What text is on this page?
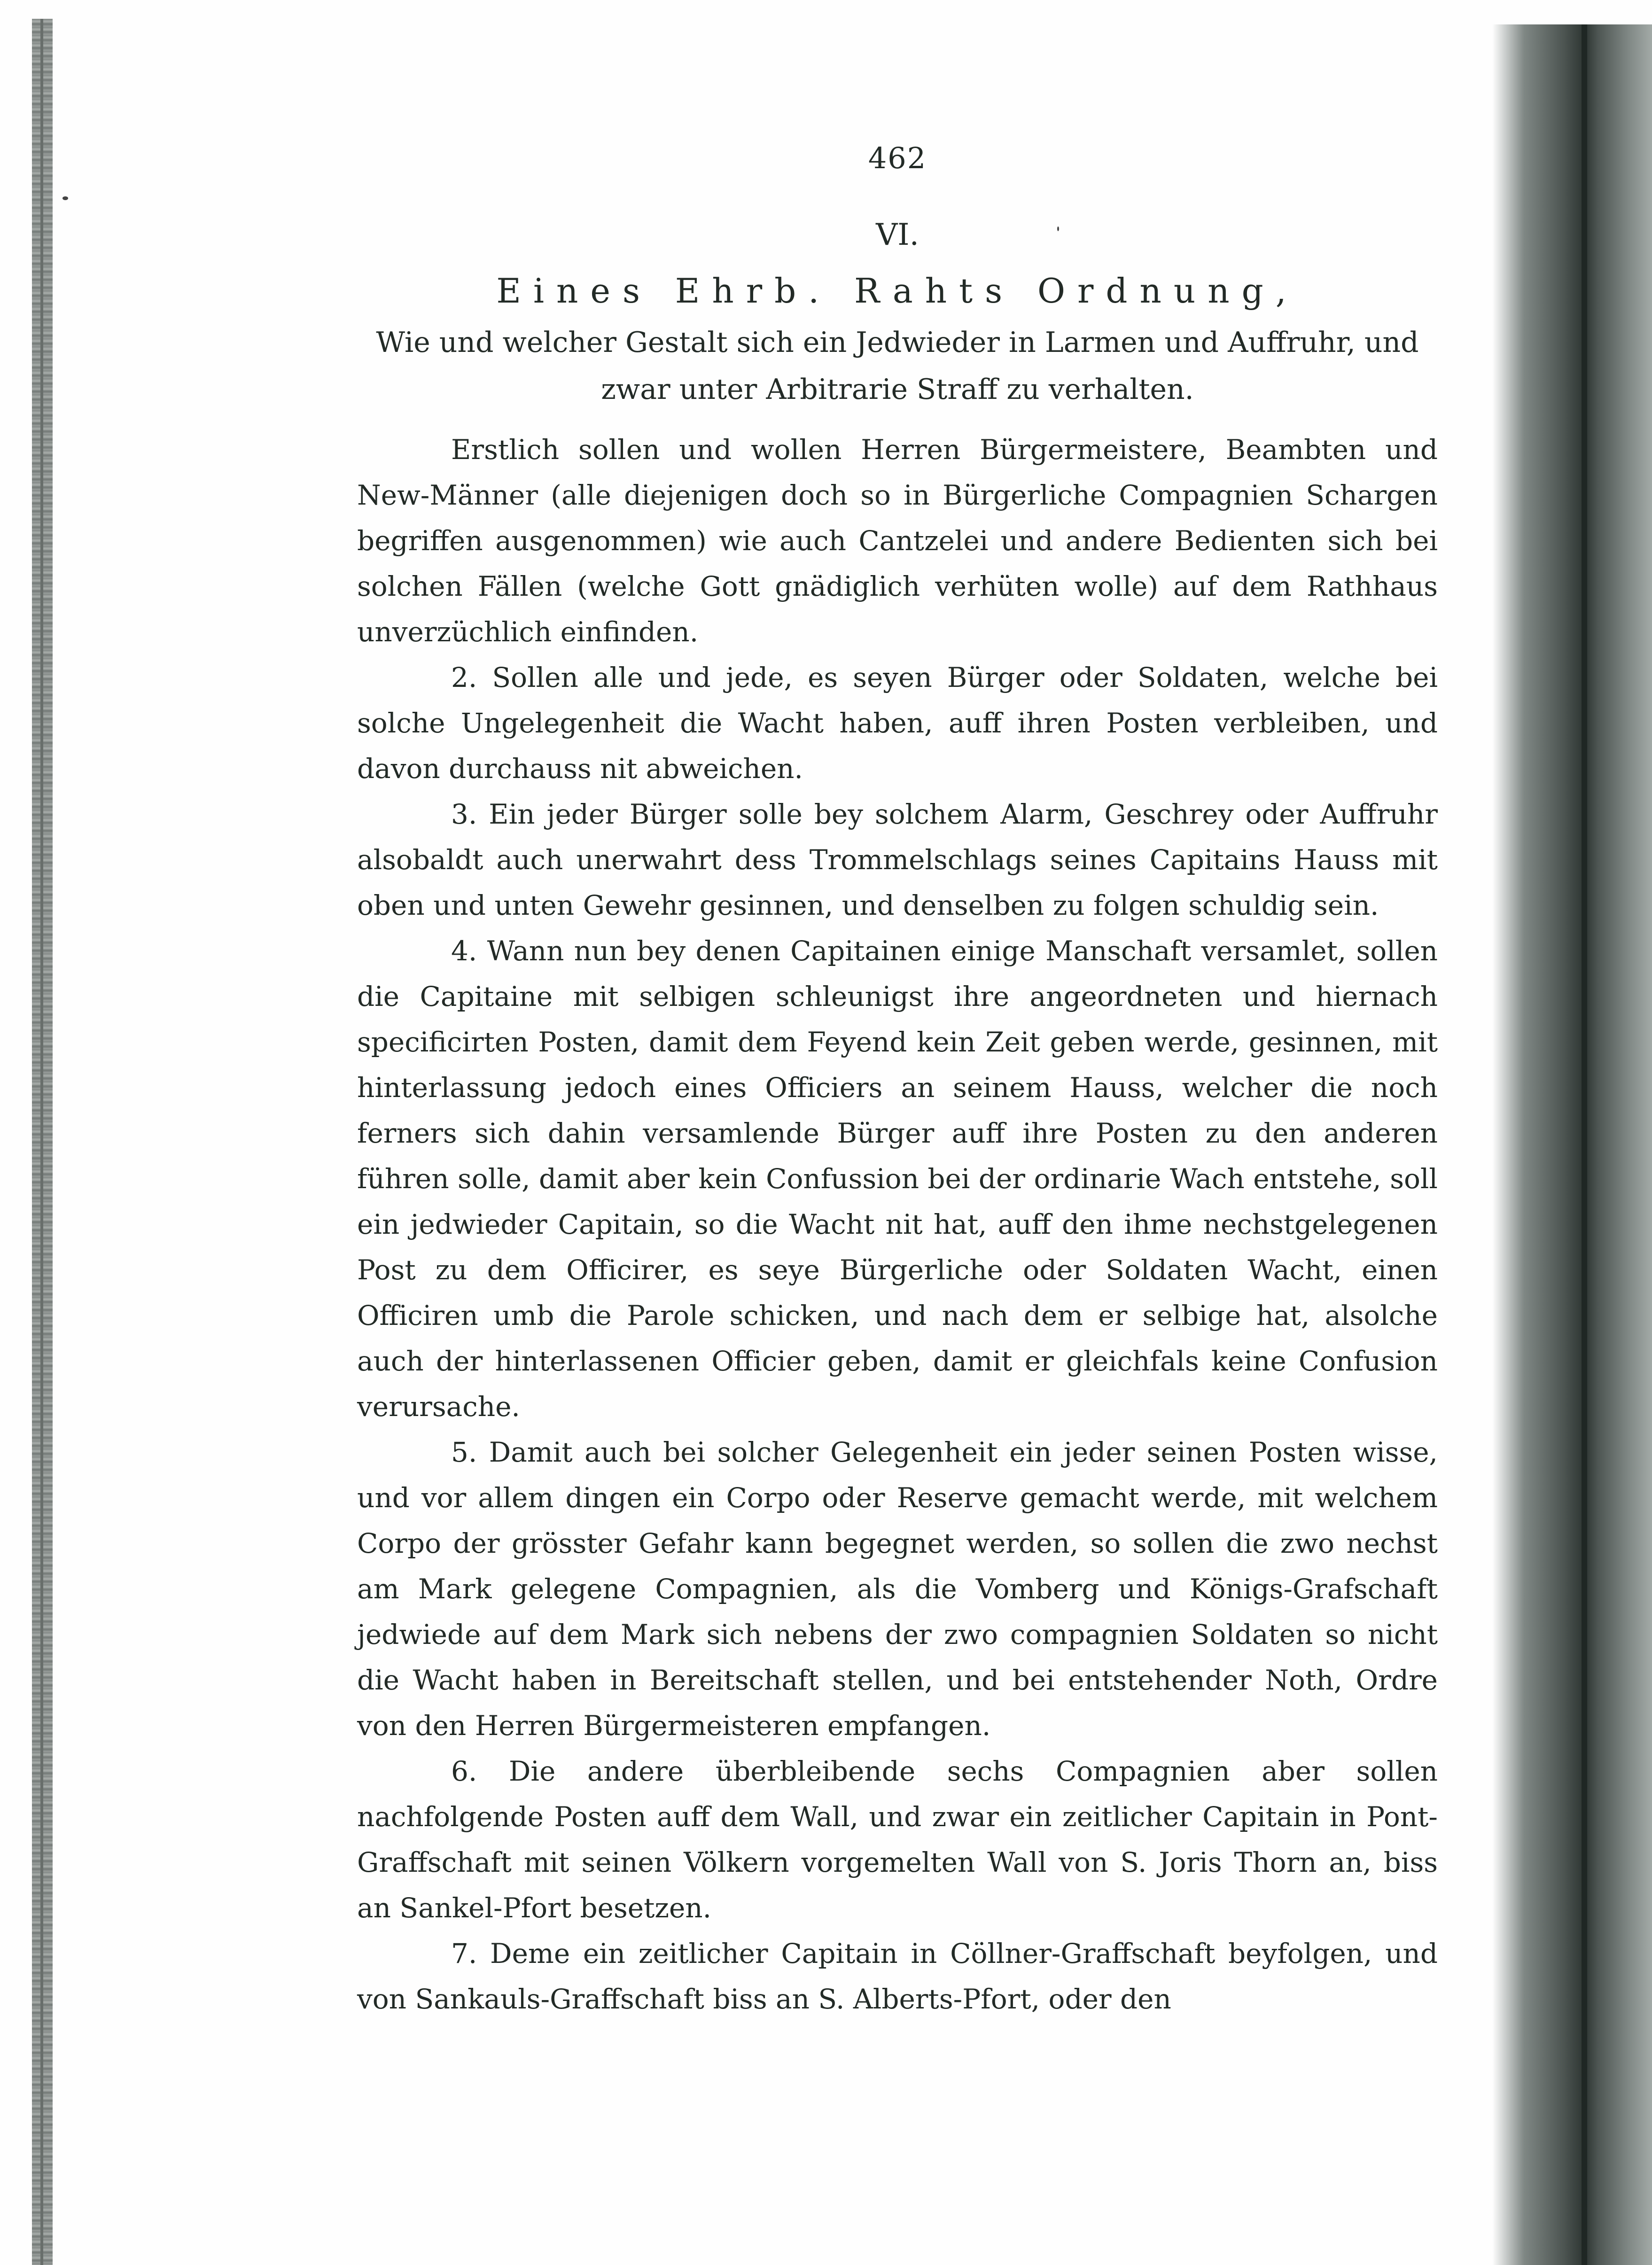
462
VI.
Eines Ehrb. Rahts Ordnung,
Wie und welcher Gestalt sich ein Jedwieder in Larmen und Auffruhr, und zwar unter Arbitrarie Straff zu verhalten.

Erstlich sollen und wollen Herren Bürgermeistere, Beambten und New-Männer (alle diejenigen doch so in Bürgerliche Compagnien Schargen begriffen ausgenommen) wie auch Cantzelei und andere Bedienten sich bei solchen Fällen (welche Gott gnädiglich verhüten wolle) auf dem Rathhaus unverzüchlich einfinden.

2. Sollen alle und jede, es seyen Bürger oder Soldaten, welche bei solche Ungelegenheit die Wacht haben, auff ihren Posten verbleiben, und davon durchauss nit abweichen.

3. Ein jeder Bürger solle bey solchem Alarm, Geschrey oder Auffruhr alsobaldt auch unerwahrt dess Trommelschlags seines Capitains Hauss mit oben und unten Gewehr gesinnen, und denselben zu folgen schuldig sein.

4. Wann nun bey denen Capitainen einige Manschaft versamlet, sollen die Capitaine mit selbigen schleunigst ihre angeordneten und hiernach specificirten Posten, damit dem Feyend kein Zeit geben werde, gesinnen, mit hinterlassung jedoch eines Officiers an seinem Hauss, welcher die noch ferners sich dahin versamlende Bürger auff ihre Posten zu den anderen führen solle, damit aber kein Confussion bei der ordinarie Wach entstehe, soll ein jedwieder Capitain, so die Wacht nit hat, auff den ihme nechstgelegenen Post zu dem Officirer, es seye Bürgerliche oder Soldaten Wacht, einen Officiren umb die Parole schicken, und nach dem er selbige hat, alsolche auch der hinterlassenen Officier geben, damit er gleichfals keine Confusion verursache.

5. Damit auch bei solcher Gelegenheit ein jeder seinen Posten wisse, und vor allem dingen ein Corpo oder Reserve gemacht werde, mit welchem Corpo der grösster Gefahr kann begegnet werden, so sollen die zwo nechst am Mark gelegene Compagnien, als die Vomberg und Königs-Grafschaft jedwiede auf dem Mark sich nebens der zwo compagnien Soldaten so nicht die Wacht haben in Bereitschaft stellen, und bei entstehender Noth, Ordre von den Herren Bürgermeisteren empfangen.

6. Die andere überbleibende sechs Compagnien aber sollen nachfolgende Posten auff dem Wall, und zwar ein zeitlicher Capitain in Pont-Graffschaft mit seinen Völkern vorgemelten Wall von S. Joris Thorn an, biss an Sankel-Pfort besetzen.

7. Deme ein zeitlicher Capitain in Cöllner-Graffschaft beyfolgen, und von Sankauls-Graffschaft biss an S. Alberts-Pfort, oder den
